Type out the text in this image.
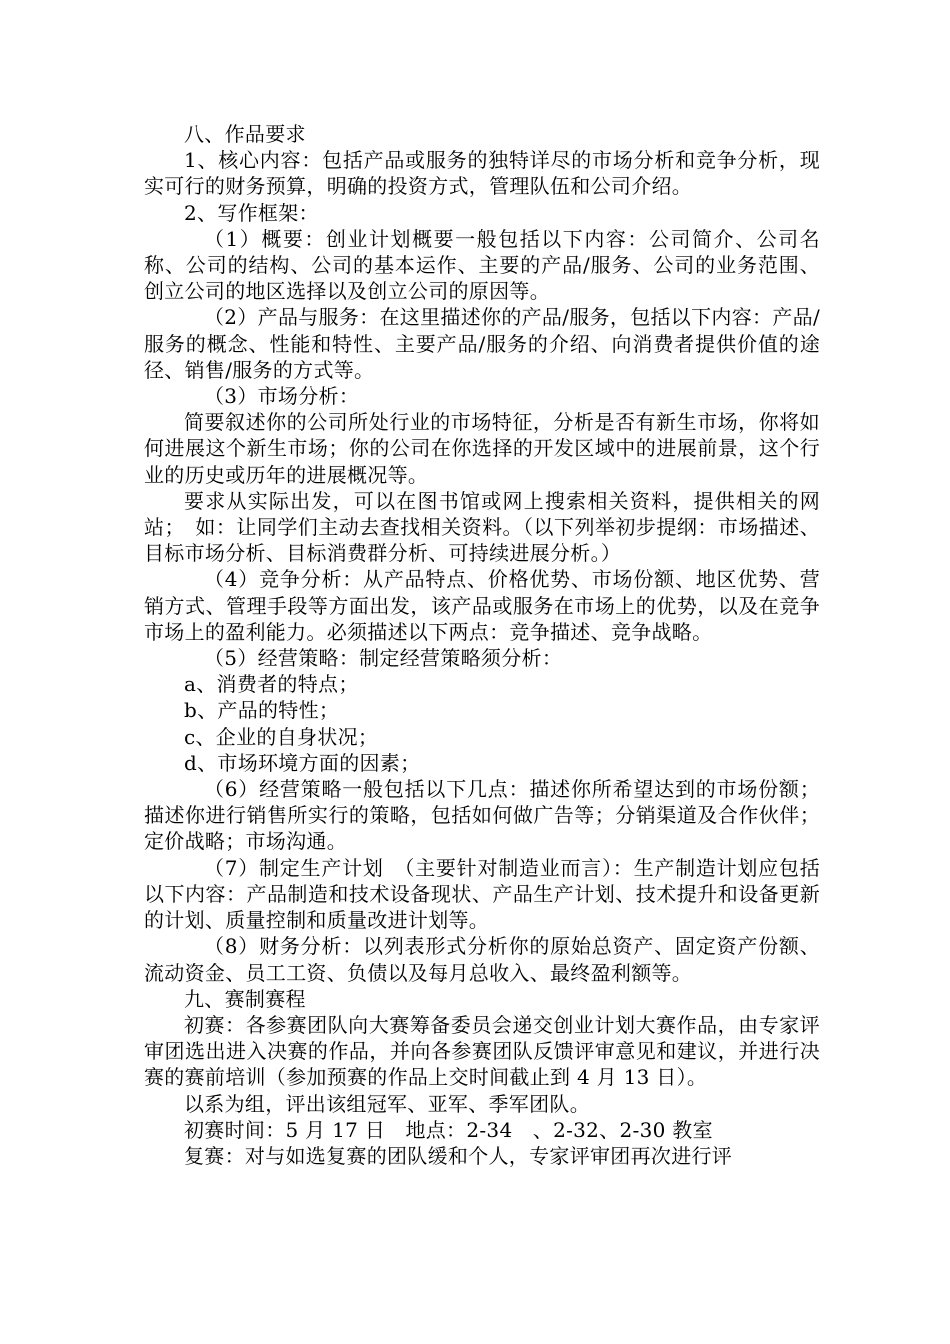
八、作品要求

1、核心内容：包括产品或服务的独特详尽的市场分析和竞争分析，现实可行的财务预算，明确的投资方式，管理队伍和公司介绍。

2、写作框架：

（1）概要：创业计划概要一般包括以下内容：公司简介、公司名称、公司的结构、公司的基本运作、主要的产品/服务、公司的业务范围、创立公司的地区选择以及创立公司的原因等。

（2）产品与服务：在这里描述你的产品/服务，包括以下内容：产品/服务的概念、性能和特性、主要产品/服务的介绍、向消费者提供价值的途径、销售/服务的方式等。

（3）市场分析：

简要叙述你的公司所处行业的市场特征，分析是否有新生市场，你将如何进展这个新生市场；你的公司在你选择的开发区域中的进展前景，这个行业的历史或历年的进展概况等。

要求从实际出发，可以在图书馆或网上搜索相关资料，提供相关的网站；　如：让同学们主动去查找相关资料。（以下列举初步提纲：市场描述、目标市场分析、目标消费群分析、可持续进展分析。）

（4）竞争分析：从产品特点、价格优势、市场份额、地区优势、营销方式、管理手段等方面出发，该产品或服务在市场上的优势，以及在竞争市场上的盈利能力。必须描述以下两点：竞争描述、竞争战略。

（5）经营策略：制定经营策略须分析：

a、消费者的特点；

b、产品的特性；

c、企业的自身状况；

d、市场环境方面的因素；

（6）经营策略一般包括以下几点：描述你所希望达到的市场份额；描述你进行销售所实行的策略，包括如何做广告等；分销渠道及合作伙伴；定价战略；市场沟通。

（7）制定生产计划　（主要针对制造业而言）：生产制造计划应包括以下内容：产品制造和技术设备现状、产品生产计划、技术提升和设备更新的计划、质量控制和质量改进计划等。

（8）财务分析：以列表形式分析你的原始总资产、固定资产份额、流动资金、员工工资、负债以及每月总收入、最终盈利额等。

九、赛制赛程

初赛：各参赛团队向大赛筹备委员会递交创业计划大赛作品，由专家评审团选出进入决赛的作品，并向各参赛团队反馈评审意见和建议，并进行决赛的赛前培训（参加预赛的作品上交时间截止到 4 月 13 日）。

以系为组，评出该组冠军、亚军、季军团队。

初赛时间：5 月 17 日　地点：2-34　、2-32、2-30 教室

复赛：对与如选复赛的团队缓和个人，专家评审团再次进行评
